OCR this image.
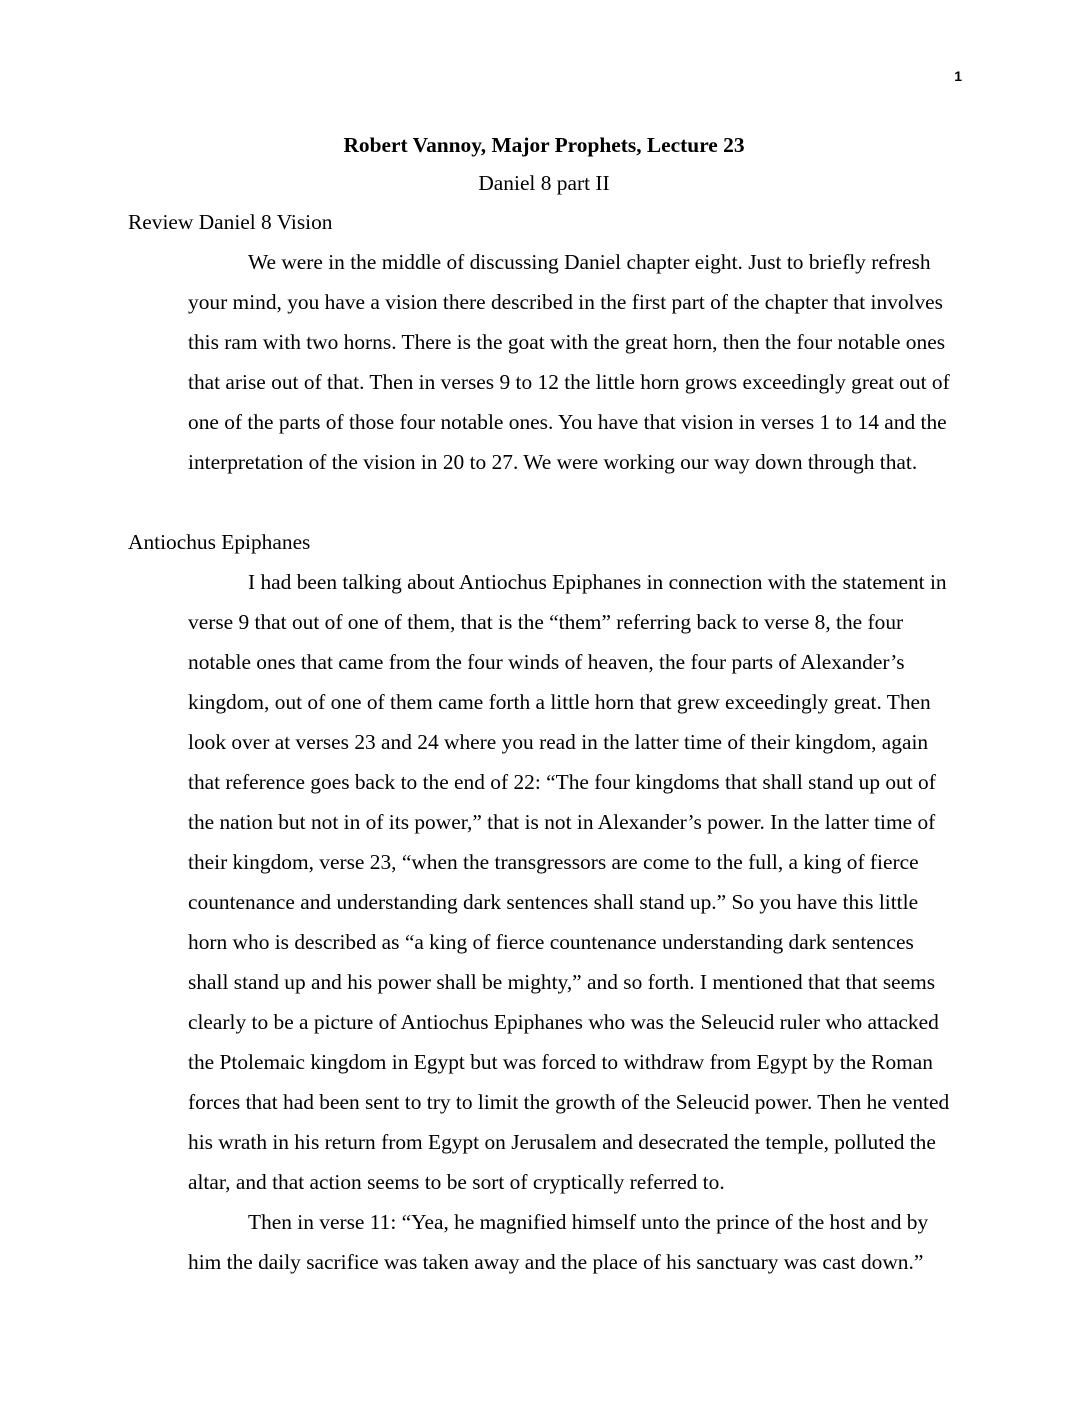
1
Robert Vannoy, Major Prophets, Lecture 23
Daniel 8 part II
Review Daniel 8 Vision
We were in the middle of discussing Daniel chapter eight. Just to briefly refresh
your mind, you have a vision there described in the first part of the chapter that involves
this ram with two horns. There is the goat with the great horn, then the four notable ones
that arise out of that. Then in verses 9 to 12 the little horn grows exceedingly great out of
one of the parts of those four notable ones. You have that vision in verses 1 to 14 and the
interpretation of the vision in 20 to 27. We were working our way down through that.
Antiochus Epiphanes
I had been talking about Antiochus Epiphanes in connection with the statement in
verse 9 that out of one of them, that is the “them” referring back to verse 8, the four
notable ones that came from the four winds of heaven, the four parts of Alexander’s
kingdom, out of one of them came forth a little horn that grew exceedingly great. Then
look over at verses 23 and 24 where you read in the latter time of their kingdom, again
that reference goes back to the end of 22: “The four kingdoms that shall stand up out of
the nation but not in of its power,” that is not in Alexander’s power. In the latter time of
their kingdom, verse 23, “when the transgressors are come to the full, a king of fierce
countenance and understanding dark sentences shall stand up.” So you have this little
horn who is described as “a king of fierce countenance understanding dark sentences
shall stand up and his power shall be mighty,” and so forth. I mentioned that that seems
clearly to be a picture of Antiochus Epiphanes who was the Seleucid ruler who attacked
the Ptolemaic kingdom in Egypt but was forced to withdraw from Egypt by the Roman
forces that had been sent to try to limit the growth of the Seleucid power. Then he vented
his wrath in his return from Egypt on Jerusalem and desecrated the temple, polluted the
altar, and that action seems to be sort of cryptically referred to.
Then in verse 11: “Yea, he magnified himself unto the prince of the host and by
him the daily sacrifice was taken away and the place of his sanctuary was cast down.”
